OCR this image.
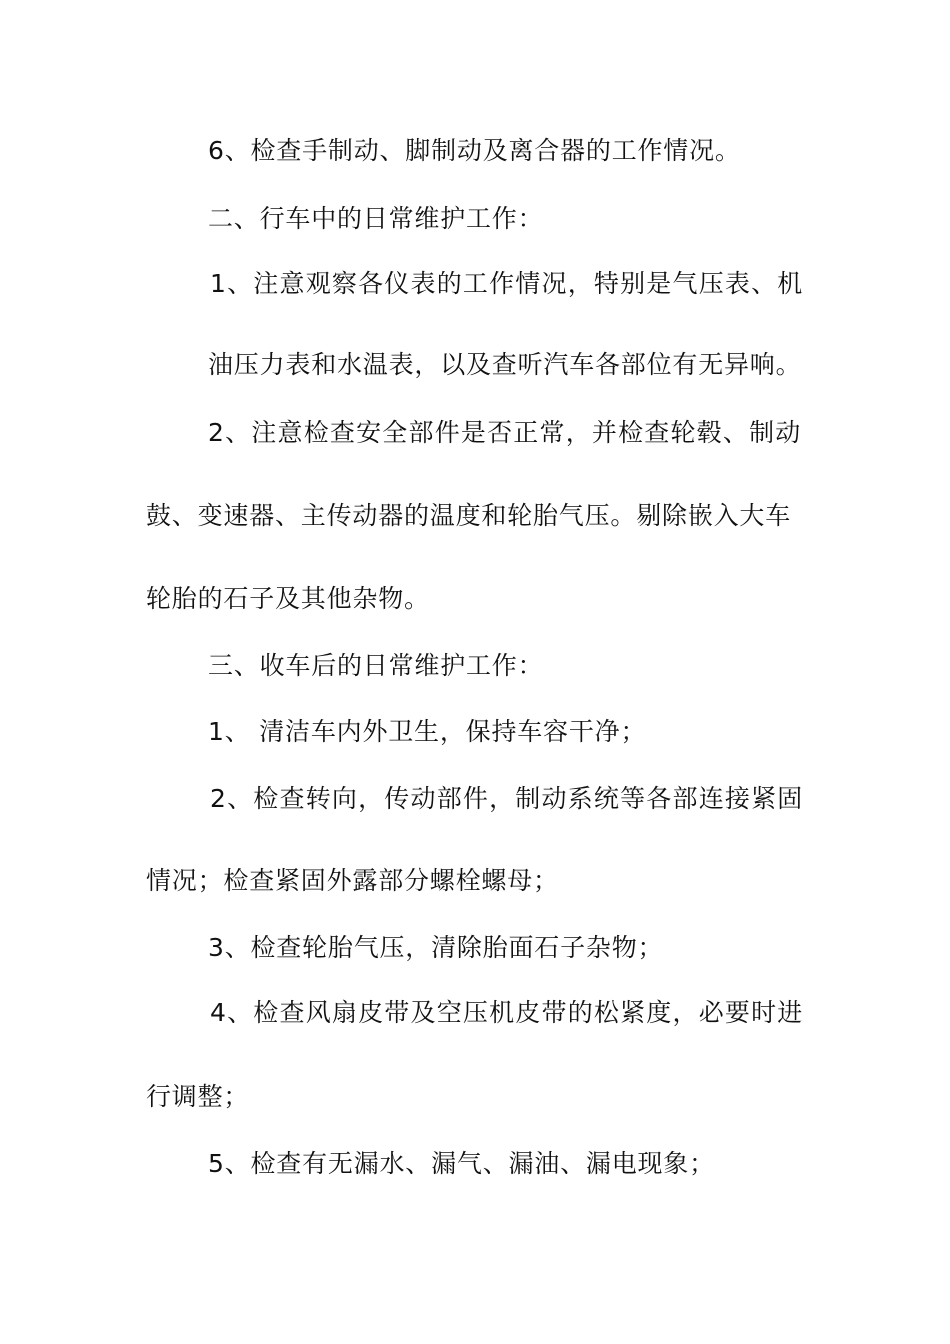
6、检查手制动、脚制动及离合器的工作情况。
二、行车中的日常维护工作：
1、注意观察各仪表的工作情况，特别是气压表、机
油压力表和水温表，以及查听汽车各部位有无异响。
2、注意检查安全部件是否正常，并检查轮毂、制动
鼓、变速器、主传动器的温度和轮胎气压。剔除嵌入大车
轮胎的石子及其他杂物。
三、收车后的日常维护工作：
1、 清洁车内外卫生，保持车容干净；
2、检查转向，传动部件，制动系统等各部连接紧固
情况；检查紧固外露部分螺栓螺母；
3、检查轮胎气压，清除胎面石子杂物；
4、检查风扇皮带及空压机皮带的松紧度，必要时进
行调整；
5、检查有无漏水、漏气、漏油、漏电现象；
